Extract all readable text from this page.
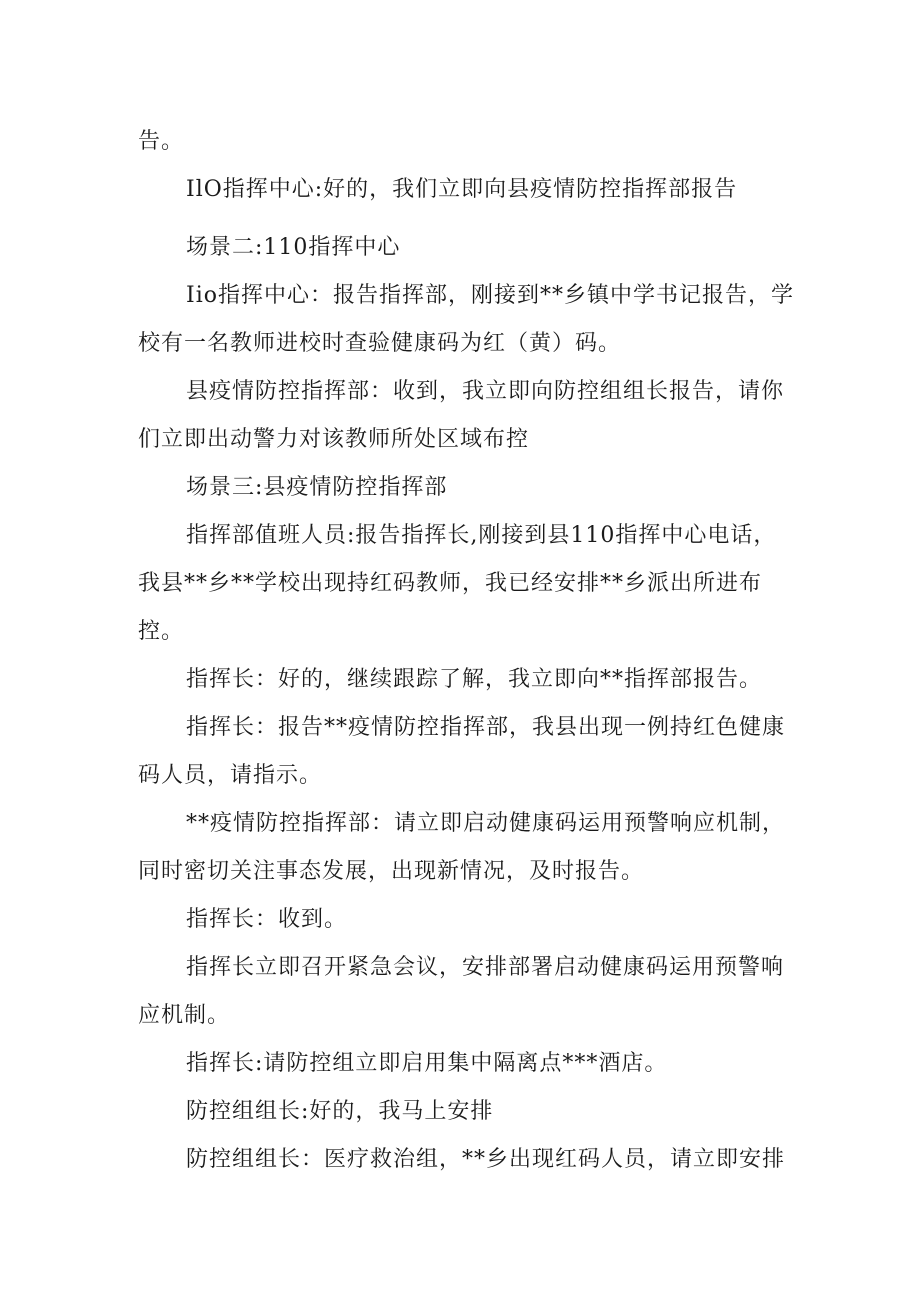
告。

IlO指挥中心:好的，我们立即向县疫情防控指挥部报告

场景二:110指挥中心

Iio指挥中心：报告指挥部，刚接到**乡镇中学书记报告，学校有一名教师进校时查验健康码为红（黄）码。

县疫情防控指挥部：收到，我立即向防控组组长报告，请你们立即出动警力对该教师所处区域布控

场景三:县疫情防控指挥部

指挥部值班人员:报告指挥长,刚接到县110指挥中心电话，我县**乡**学校出现持红码教师，我已经安排**乡派出所进布控。

指挥长：好的，继续跟踪了解，我立即向**指挥部报告。

指挥长：报告**疫情防控指挥部，我县出现一例持红色健康码人员，请指示。

**疫情防控指挥部：请立即启动健康码运用预警响应机制，同时密切关注事态发展，出现新情况，及时报告。

指挥长：收到。

指挥长立即召开紧急会议，安排部署启动健康码运用预警响应机制。

指挥长:请防控组立即启用集中隔离点***酒店。

防控组组长:好的，我马上安排

防控组组长：医疗救治组，**乡出现红码人员，请立即安排
